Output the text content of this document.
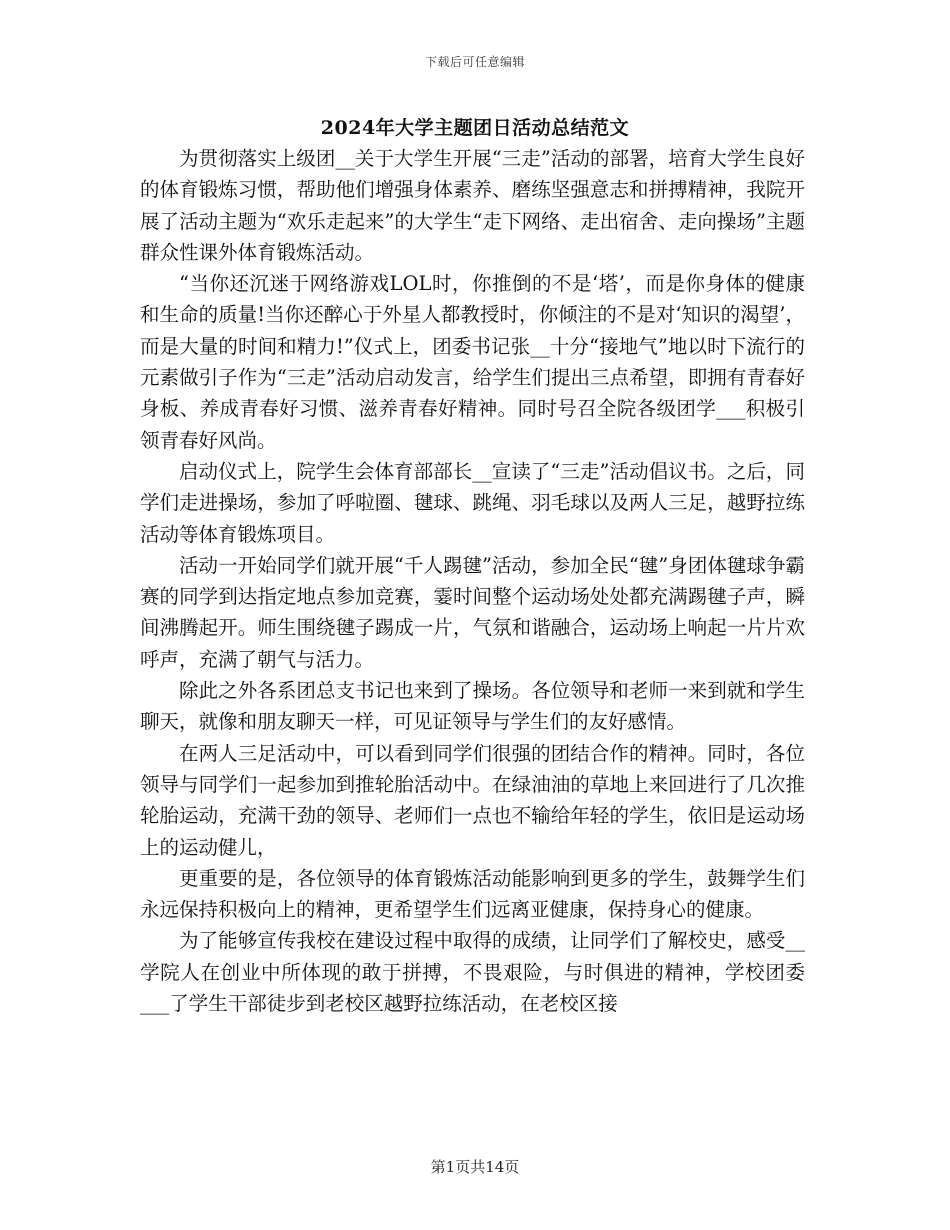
下载后可任意编辑
2024年大学主题团日活动总结范文

为贯彻落实上级团__关于大学生开展“三走”活动的部署，培育大学生良好的体育锻炼习惯，帮助他们增强身体素养、磨练坚强意志和拼搏精神，我院开展了活动主题为“欢乐走起来”的大学生“走下网络、走出宿舍、走向操场”主题群众性课外体育锻炼活动。

“当你还沉迷于网络游戏LOL时，你推倒的不是‘塔’，而是你身体的健康和生命的质量!当你还醉心于外星人都教授时，你倾注的不是对‘知识的渴望’，而是大量的时间和精力!”仪式上，团委书记张__十分“接地气”地以时下流行的元素做引子作为“三走”活动启动发言，给学生们提出三点希望，即拥有青春好身板、养成青春好习惯、滋养青春好精神。同时号召全院各级团学___积极引领青春好风尚。

启动仪式上，院学生会体育部部长__宣读了“三走”活动倡议书。之后，同学们走进操场，参加了呼啦圈、毽球、跳绳、羽毛球以及两人三足，越野拉练活动等体育锻炼项目。

活动一开始同学们就开展“千人踢毽”活动，参加全民“毽”身团体毽球争霸赛的同学到达指定地点参加竞赛，霎时间整个运动场处处都充满踢毽子声，瞬间沸腾起开。师生围绕毽子踢成一片，气氛和谐融合，运动场上响起一片片欢呼声，充满了朝气与活力。

除此之外各系团总支书记也来到了操场。各位领导和老师一来到就和学生聊天，就像和朋友聊天一样，可见证领导与学生们的友好感情。

在两人三足活动中，可以看到同学们很强的团结合作的精神。同时，各位领导与同学们一起参加到推轮胎活动中。在绿油油的草地上来回进行了几次推轮胎运动，充满干劲的领导、老师们一点也不输给年轻的学生，依旧是运动场上的运动健儿，

更重要的是，各位领导的体育锻炼活动能影响到更多的学生，鼓舞学生们永远保持积极向上的精神，更希望学生们远离亚健康，保持身心的健康。

为了能够宣传我校在建设过程中取得的成绩，让同学们了解校史，感受__学院人在创业中所体现的敢于拼搏，不畏艰险，与时俱进的精神，学校团委___了学生干部徒步到老校区越野拉练活动，在老校区接

第1页共14页
